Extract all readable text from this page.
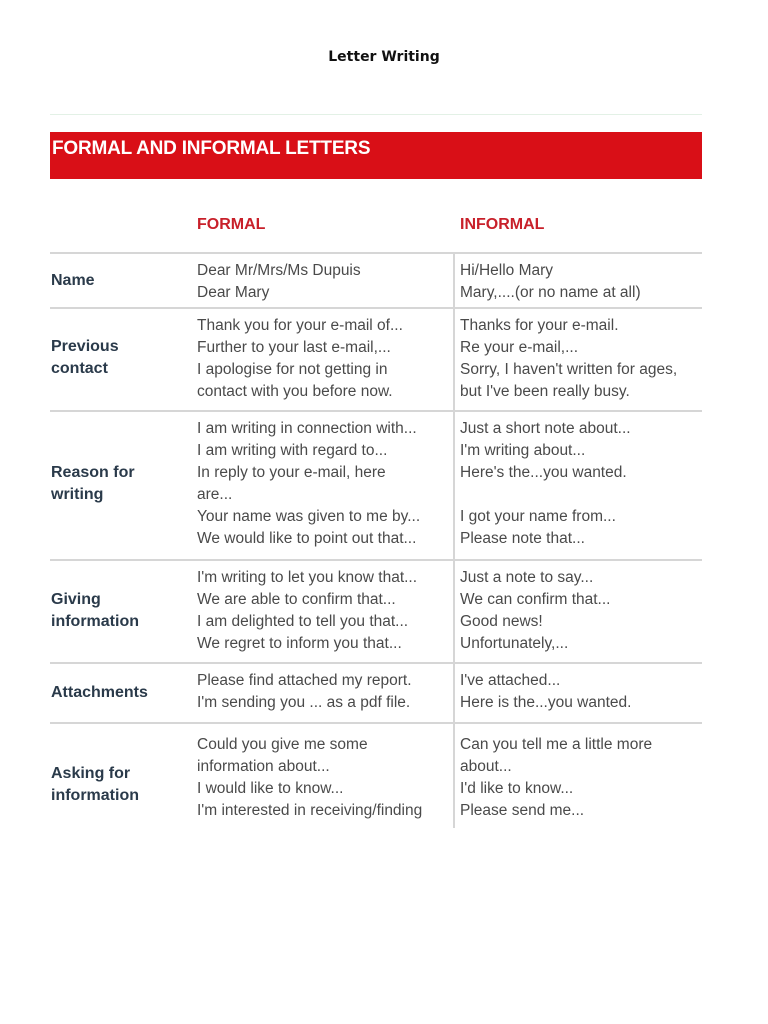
Letter Writing
FORMAL AND INFORMAL LETTERS
FORMAL	INFORMAL
Name
Dear Mr/Mrs/Ms Dupuis
Dear Mary
Hi/Hello Mary
Mary,....(or no name at all)
Previous
contact
Thank you for your e-mail of...
Further to your last e-mail,...
I apologise for not getting in
contact with you before now.
Thanks for your e-mail.
Re your e-mail,...
Sorry, I haven't written for ages,
but I've been really busy.
Reason for
writing
I am writing in connection with...
I am writing with regard to...
In reply to your e-mail, here
are...
Your name was given to me by...
We would like to point out that...
Just a short note about...
I'm writing about...
Here's the...you wanted.
I got your name from...
Please note that...
Giving
information
I'm writing to let you know that...
We are able to confirm that...
I am delighted to tell you that...
We regret to inform you that...
Just a note to say...
We can confirm that...
Good news!
Unfortunately,...
Attachments
Please find attached my report.
I'm sending you ... as a pdf file.
I've attached...
Here is the...you wanted.
Asking for
information
Could you give me some
information about...
I would like to know...
I'm interested in receiving/finding
Can you tell me a little more
about...
I'd like to know...
Please send me...
